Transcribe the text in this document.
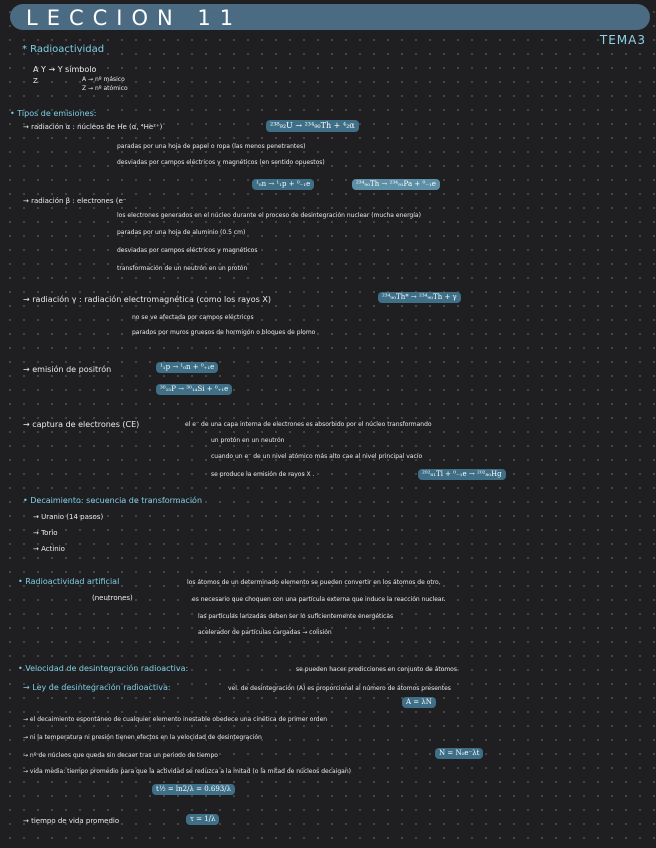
LECCION 11
TEMA3
* Radioactividad
A Y → Y símbolo
Z	A → nº másico
Z → nº atómico
• Tipos de emisiones:
→ radiación α : núcleos de He (α, ⁴He²⁺)	²³⁸₉₂U → ²³⁴₉₀Th + ⁴₂α
paradas por una hoja de papel o ropa (las menos penetrantes)
desviadas por campos eléctricos y magnéticos (en sentido opuestos)
¹₀n → ¹₁p + ⁰₋₁e	²³⁴₉₀Th → ²³⁴₉₁Pa + ⁰₋₁e
→ radiación β : electrones (e⁻
los electrones generados en el núcleo durante el proceso de desintegración nuclear (mucha energía)
paradas por una hoja de aluminio (0.5 cm)
desviadas por campos eléctricos y magnéticos
transformación de un neutrón en un protón
→ radiación γ : radiación electromagnética (como los rayos X)	²³⁴₉₀Th* → ²³⁴₉₀Th + γ
no se ve afectada por campos eléctricos
parados por muros gruesos de hormigón o bloques de plomo
→ emisión de positrón	¹₁p → ¹₀n + ⁰₊₁e
³⁰₁₅P → ³⁰₁₄Si + ⁰₊₁e
→ captura de electrones (CE)	el e⁻ de una capa interna de electrones es absorbido por el núcleo transformando
un protón en un neutrón
cuando un e⁻ de un nivel atómico más alto cae al nivel principal vacío
se produce la emisión de rayos X .	²⁰²₈₁Tl + ⁰₋₁e → ²⁰²₈₀Hg
• Decaimiento: secuencia de transformación
→ Uranio (14 pasos)
→ Torio
→ Actinio
• Radioactividad artificial
(neutrones)
los átomos de un determinado elemento se pueden convertir en los átomos de otro,
es necesario que choquen con una partícula externa que induce la reacción nuclear.
las partículas lanzadas deben ser lo suficientemente energéticas
acelerador de partículas cargadas → colisión
• Velocidad de desintegración radioactiva:	se pueden hacer predicciones en conjunto de átomos
→ Ley de desintegración radioactiva:	vel. de desintegración (A) es proporcional al número de átomos presentes
A = λN
→ el decaimiento espontáneo de cualquier elemento inestable obedece una cinética de primer orden
→ ni la temperatura ni presión tienen efectos en la velocidad de desintegración
→ nº de núcleos que queda sin decaer tras un periodo de tiempo	N = N₀e⁻λt
→ vida media: tiempo promedio para que la actividad se reduzca a la mitad (o la mitad de núcleos decaigan)
t½ = ln2/λ = 0.693/λ
→ tiempo de vida promedio	τ = 1/λ
